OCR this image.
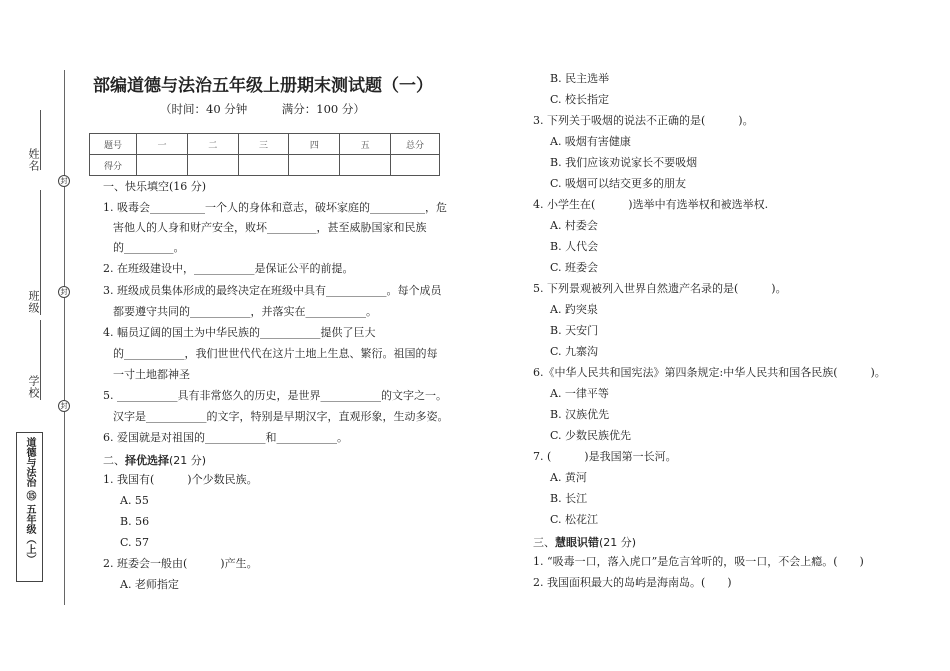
姓名
班级
学校
封
封
封
道德与法治 ⑮ 五年级（上）
部编道德与法治五年级上册期末测试题（一）
（时间：40 分钟　　　满分：100 分）
题号	一	二	三	四	五	总分
得分						
一、快乐填空(16 分)
1. 吸毒会__________一个人的身体和意志，破坏家庭的__________，危
害他人的人身和财产安全，败坏_________，甚至威胁国家和民族
的_________。
2. 在班级建设中，___________是保证公平的前提。
3. 班级成员集体形成的最终决定在班级中具有___________。每个成员
都要遵守共同的___________，并落实在___________。
4. 幅员辽阔的国土为中华民族的___________提供了巨大
的___________，我们世世代代在这片土地上生息、繁衍。祖国的每
一寸土地都神圣
5. ___________具有非常悠久的历史，是世界___________的文字之一。
汉字是___________的文字，特别是早期汉字，直观形象，生动多姿。
6. 爱国就是对祖国的___________和___________。
二、择优选择(21 分)
1. 我国有(　　　)个少数民族。
A. 55
B. 56
C. 57
2. 班委会一般由(　　　)产生。
A. 老师指定
B. 民主选举
C. 校长指定
3. 下列关于吸烟的说法不正确的是(　　　)。
A. 吸烟有害健康
B. 我们应该劝说家长不要吸烟
C. 吸烟可以结交更多的朋友
4. 小学生在(　　　)选举中有选举权和被选举权.
A. 村委会
B. 人代会
C. 班委会
5. 下列景观被列入世界自然遗产名录的是(　　　)。
A. 趵突泉
B. 天安门
C. 九寨沟
6.《中华人民共和国宪法》第四条规定:中华人民共和国各民族(　　　)。
A. 一律平等
B. 汉族优先
C. 少数民族优先
7. (　　　)是我国第一长河。
A. 黄河
B. 长江
C. 松花江
三、慧眼识错(21 分)
1. “吸毒一口，落入虎口”是危言耸听的，吸一口，不会上瘾。(　　)
2. 我国面积最大的岛屿是海南岛。(　　)
